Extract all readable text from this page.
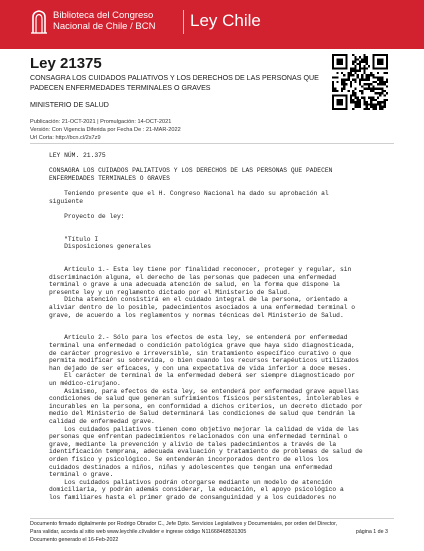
Biblioteca del Congreso
Nacional de Chile / BCN Ley Chile
Ley 21375
CONSAGRA LOS CUIDADOS PALIATIVOS Y LOS DERECHOS DE LAS PERSONAS QUE PADECEN ENFERMEDADES TERMINALES O GRAVES
MINISTERIO DE SALUD
Publicación: 21-OCT-2021 | Promulgación: 14-OCT-2021
Versión: Con Vigencia Diferida por Fecha De : 21-MAR-2022
Url Corta: http://bcn.cl/2s7z9
LEY NÚM. 21.375
CONSAGRA LOS CUIDADOS PALIATIVOS Y LOS DERECHOS DE LAS PERSONAS QUE PADECEN
ENFERMEDADES TERMINALES O GRAVES
Teniendo presente que el H. Congreso Nacional ha dado su aprobación al
siguiente
Proyecto de ley:
"Título I
Disposiciones generales
Artículo 1.- Esta ley tiene por finalidad reconocer, proteger y regular, sin
discriminación alguna, el derecho de las personas que padecen una enfermedad
terminal o grave a una adecuada atención de salud, en la forma que dispone la
presente ley y un reglamento dictado por el Ministerio de Salud.
Dicha atención consistirá en el cuidado integral de la persona, orientado a
aliviar dentro de lo posible, padecimientos asociados a una enfermedad terminal o
grave, de acuerdo a los reglamentos y normas técnicas del Ministerio de Salud.
Artículo 2.- Sólo para los efectos de esta ley, se entenderá por enfermedad
terminal una enfermedad o condición patológica grave que haya sido diagnosticada,
de carácter progresivo e irreversible, sin tratamiento específico curativo o que
permita modificar su sobrevida, o bien cuando los recursos terapéuticos utilizados
han dejado de ser eficaces, y con una expectativa de vida inferior a doce meses.
El carácter de terminal de la enfermedad deberá ser siempre diagnosticado por
un médico-cirujano.
Asimismo, para efectos de esta ley, se entenderá por enfermedad grave aquellas
condiciones de salud que generan sufrimientos físicos persistentes, intolerables e
incurables en la persona, en conformidad a dichos criterios, un decreto dictado por
medio del Ministerio de Salud determinará las condiciones de salud que tendrán la
calidad de enfermedad grave.
Los cuidados paliativos tienen como objetivo mejorar la calidad de vida de las
personas que enfrentan padecimientos relacionados con una enfermedad terminal o
grave, mediante la prevención y alivio de tales padecimientos a través de la
identificación temprana, adecuada evaluación y tratamiento de problemas de salud de
orden físico y psicológico. Se entenderán incorporados dentro de ellos los
cuidados destinados a niños, niñas y adolescentes que tengan una enfermedad
terminal o grave.
Los cuidados paliativos podrán otorgarse mediante un modelo de atención
domiciliaria, y podrán además considerar, la educación, el apoyo psicológico a
los familiares hasta el primer grado de consanguinidad y a los cuidadores no
Documento firmado digitalmente por Rodrigo Obrador C., Jefe Dpto. Servicios Legislativos y Documentales, por orden del Director,
Para validar, acceda al sitio web www.leychile.cl/valider e ingrese código N11668468531305
Documento generado el 16-Feb-2022
página 1 de 3
